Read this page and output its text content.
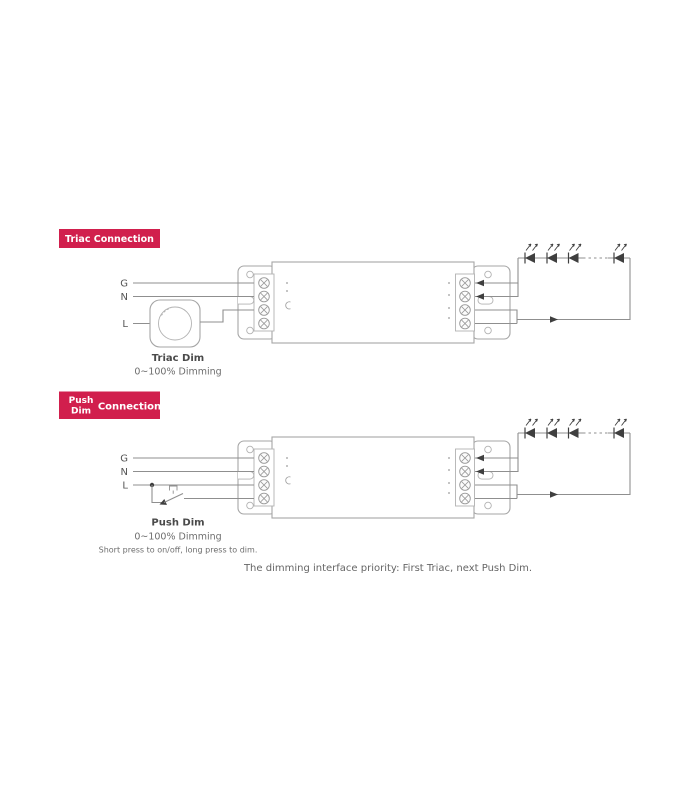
Triac Connection
G
N
L
Triac Dim
0~100% Dimming
Push
Dim Connection
G
N
L
Push Dim
0~100% Dimming
Short press to on/off, long press to dim.
The dimming interface priority: First Triac, next Push Dim.
